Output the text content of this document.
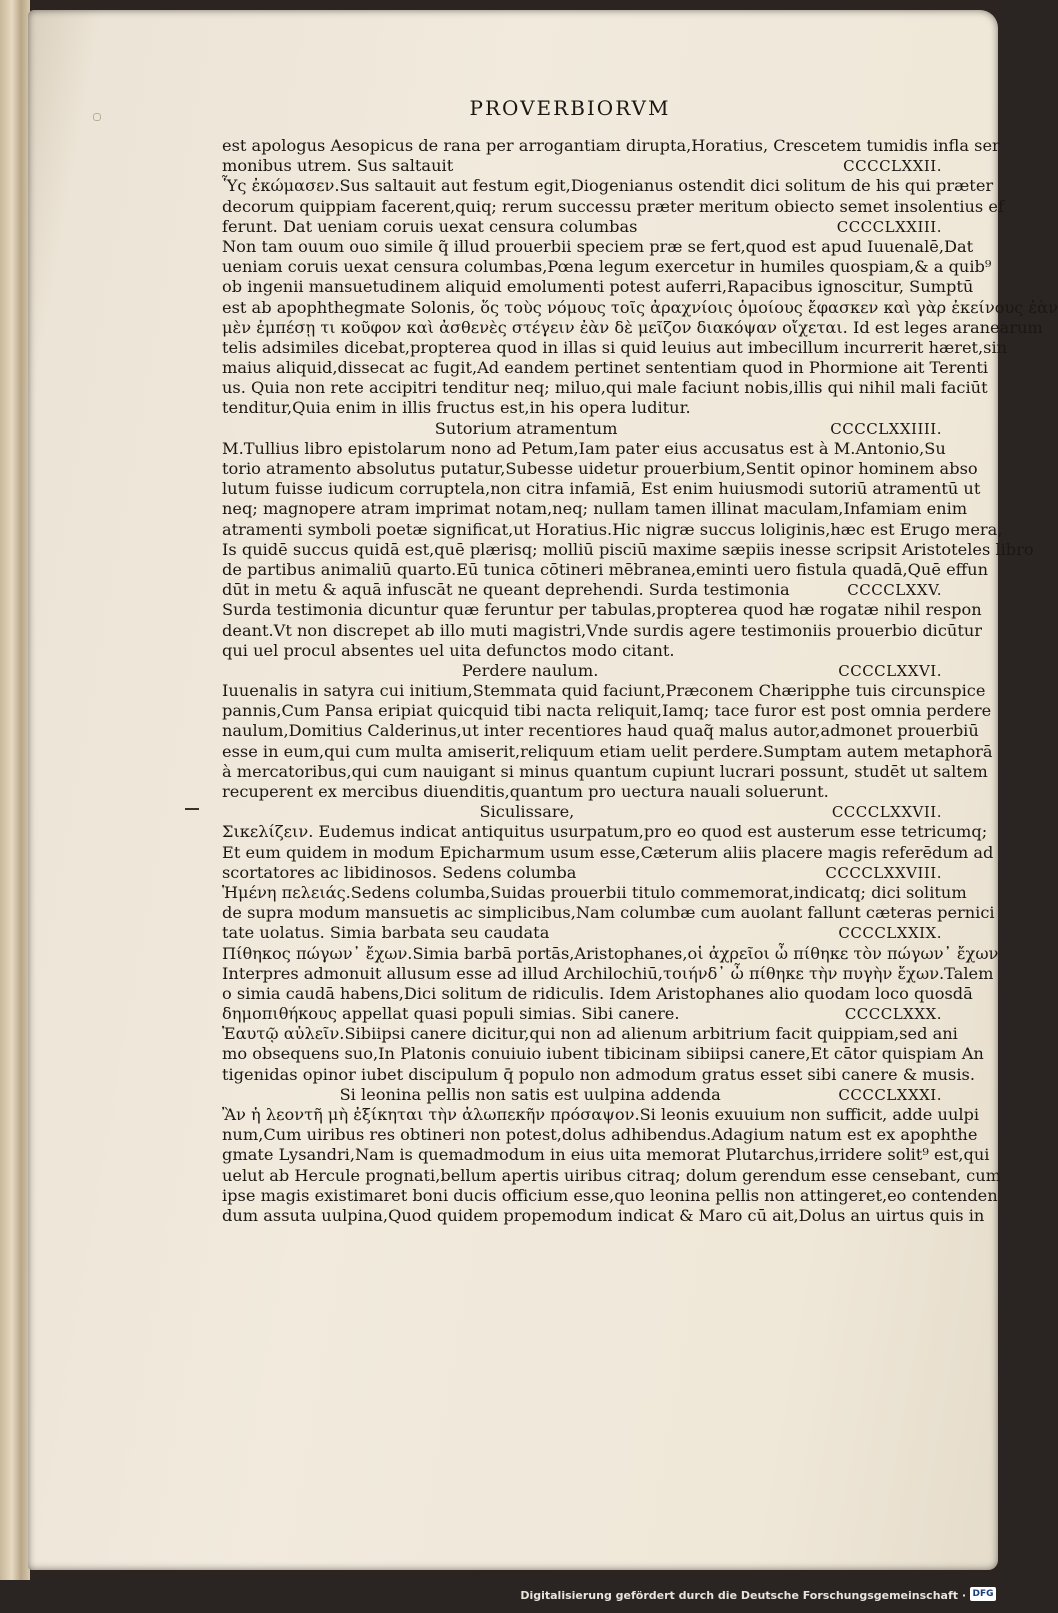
PROVERBIORVM
est apologus Aesopicus de rana per arrogantiam dirupta,Horatius, Crescetem tumidis infla ser
CCCCLXXII.
monibus utrem. Sus saltauit
Ὗς ἐκώμασεν.Sus saltauit aut festum egit,Diogenianus ostendit dici solitum de his qui præter
decorum quippiam facerent,quiq; rerum successu præter meritum obiecto semet insolentius ef
CCCCLXXIII.
ferunt. Dat ueniam coruis uexat censura columbas
Non tam ouum ouo simile q̃ illud prouerbii speciem præ se fert,quod est apud Iuuenalē,Dat
ueniam coruis uexat censura columbas,Pœna legum exercetur in humiles quospiam,& a quib⁹
ob ingenii mansuetudinem aliquid emolumenti potest auferri,Rapacibus ignoscitur, Sumptū
est ab apophthegmate Solonis, ὅς τοὺς νόμους τοῖς ἀραχνίοις ὁμοίους ἔφασκεν καὶ γὰρ ἐκείνους ἐὰν
μὲν ἐμπέσῃ τι κοῦφον καὶ ἀσθενὲς στέγειν ἐὰν δὲ μεῖζον διακόψαν οἴχεται. Id est leges aranearum
telis adsimiles dicebat,propterea quod in illas si quid leuius aut imbecillum incurrerit hæret,sin
maius aliquid,dissecat ac fugit,Ad eandem pertinet sententiam quod in Phormione ait Terenti
us. Quia non rete accipitri tenditur neq; miluo,qui male faciunt nobis,illis qui nihil mali faciūt
tenditur,Quia enim in illis fructus est,in his opera luditur.
CCCCLXXIIII.
Sutorium atramentum
M.Tullius libro epistolarum nono ad Petum,Iam pater eius accusatus est à M.Antonio,Su
torio atramento absolutus putatur,Subesse uidetur prouerbium,Sentit opinor hominem abso
lutum fuisse iudicum corruptela,non citra infamiā, Est enim huiusmodi sutoriū atramentū ut
neq; magnopere atram imprimat notam,neq; nullam tamen illinat maculam,Infamiam enim
atramenti symboli poetæ significat,ut Horatius.Hic nigræ succus loliginis,hæc est Erugo mera,
Is quidē succus quidā est,quē plærisq; molliū pisciū maxime sæpiis inesse scripsit Aristoteles libro
de partibus animaliū quarto.Eū tunica cōtineri mēbranea,eminti uero fistula quadā,Quē effun
CCCCLXXV.
dūt in metu & aquā infuscāt ne queant deprehendi. Surda testimonia
Surda testimonia dicuntur quæ feruntur per tabulas,propterea quod hæ rogatæ nihil respon
deant.Vt non discrepet ab illo muti magistri,Vnde surdis agere testimoniis prouerbio dicūtur
qui uel procul absentes uel uita defunctos modo citant.
CCCCLXXVI.
Perdere naulum.
Iuuenalis in satyra cui initium,Stemmata quid faciunt,Præconem Chæripphe tuis circunspice
pannis,Cum Pansa eripiat quicquid tibi nacta reliquit,Iamq; tace furor est post omnia perdere
naulum,Domitius Calderinus,ut inter recentiores haud quaq̃ malus autor,admonet prouerbiū
esse in eum,qui cum multa amiserit,reliquum etiam uelit perdere.Sumptam autem metaphorā
à mercatoribus,qui cum nauigant si minus quantum cupiunt lucrari possunt, studēt ut saltem
recuperent ex mercibus diuenditis,quantum pro uectura nauali soluerunt.
CCCCLXXVII.
Siculissare,
Σικελίζειν. Eudemus indicat antiquitus usurpatum,pro eo quod est austerum esse tetricumq;
Et eum quidem in modum Epicharmum usum esse,Cæterum aliis placere magis referēdum ad
CCCCLXXVIII.
scortatores ac libidinosos. Sedens columba
Ἡμένη πελειάς.Sedens columba,Suidas prouerbii titulo commemorat,indicatq; dici solitum
de supra modum mansuetis ac simplicibus,Nam columbæ cum auolant fallunt cæteras pernici
CCCCLXXIX.
tate uolatus. Simia barbata seu caudata
Πίθηκος πώγων᾽ ἔχων.Simia barbā portās,Aristophanes,οἱ ἀχρεῖοι ὦ πίθηκε τὸν πώγων᾽ ἔχων
Interpres admonuit allusum esse ad illud Archilochiū,τοιήνδ᾽ ὦ πίθηκε τὴν πυγὴν ἔχων.Talem
o simia caudā habens,Dici solitum de ridiculis. Idem Aristophanes alio quodam loco quosdā
CCCCLXXX.
δημοπιθήκους appellat quasi populi simias. Sibi canere.
Ἑαυτῷ αὐλεῖν.Sibiipsi canere dicitur,qui non ad alienum arbitrium facit quippiam,sed ani
mo obsequens suo,In Platonis conuiuio iubent tibicinam sibiipsi canere,Et cātor quispiam An
tigenidas opinor iubet discipulum q̄ populo non admodum gratus esset sibi canere & musis.
CCCCLXXXI.
Si leonina pellis non satis est uulpina addenda
Ἂν ἡ λεοντῆ μὴ ἐξίκηται τὴν ἀλωπεκῆν πρόσαψον.Si leonis exuuium non sufficit, adde uulpi
num,Cum uiribus res obtineri non potest,dolus adhibendus.Adagium natum est ex apophthe
gmate Lysandri,Nam is quemadmodum in eius uita memorat Plutarchus,irridere solit⁹ est,qui
uelut ab Hercule prognati,bellum apertis uiribus citraq; dolum gerendum esse censebant, cum
ipse magis existimaret boni ducis officium esse,quo leonina pellis non attingeret,eo contenden
dum assuta uulpina,Quod quidem propemodum indicat & Maro cū ait,Dolus an uirtus quis in
Digitalisierung gefördert durch die Deutsche Forschungsgemeinschaft · DFG
